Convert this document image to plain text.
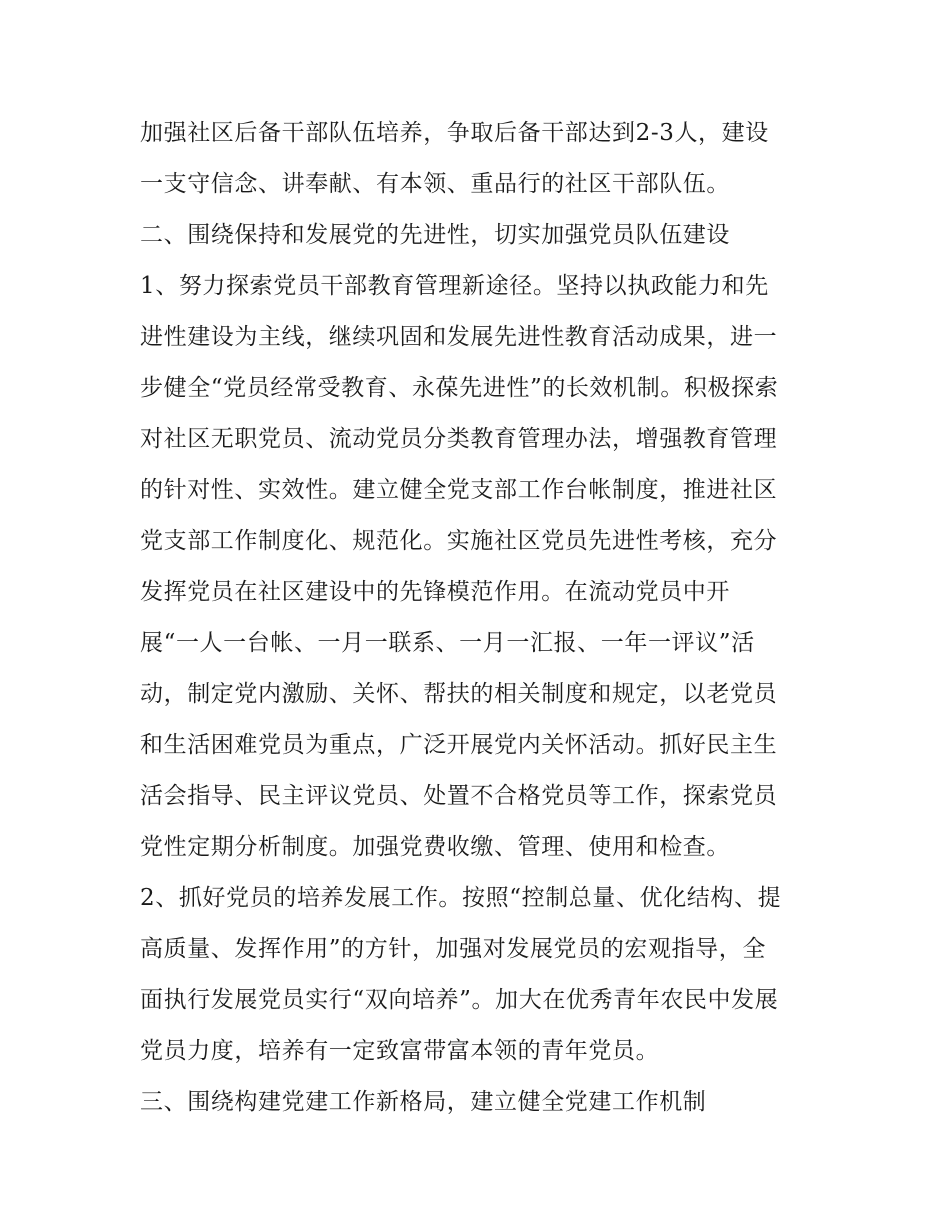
加强社区后备干部队伍培养，争取后备干部达到2-3人，建设
一支守信念、讲奉献、有本领、重品行的社区干部队伍。
二、围绕保持和发展党的先进性，切实加强党员队伍建设
1、努力探索党员干部教育管理新途径。坚持以执政能力和先
进性建设为主线，继续巩固和发展先进性教育活动成果，进一
步健全“党员经常受教育、永葆先进性”的长效机制。积极探索
对社区无职党员、流动党员分类教育管理办法，增强教育管理
的针对性、实效性。建立健全党支部工作台帐制度，推进社区
党支部工作制度化、规范化。实施社区党员先进性考核，充分
发挥党员在社区建设中的先锋模范作用。在流动党员中开
展“一人一台帐、一月一联系、一月一汇报、一年一评议”活
动，制定党内激励、关怀、帮扶的相关制度和规定，以老党员
和生活困难党员为重点，广泛开展党内关怀活动。抓好民主生
活会指导、民主评议党员、处置不合格党员等工作，探索党员
党性定期分析制度。加强党费收缴、管理、使用和检查。
2、抓好党员的培养发展工作。按照“控制总量、优化结构、提
高质量、发挥作用”的方针，加强对发展党员的宏观指导，全
面执行发展党员实行“双向培养”。加大在优秀青年农民中发展
党员力度，培养有一定致富带富本领的青年党员。
三、围绕构建党建工作新格局，建立健全党建工作机制
